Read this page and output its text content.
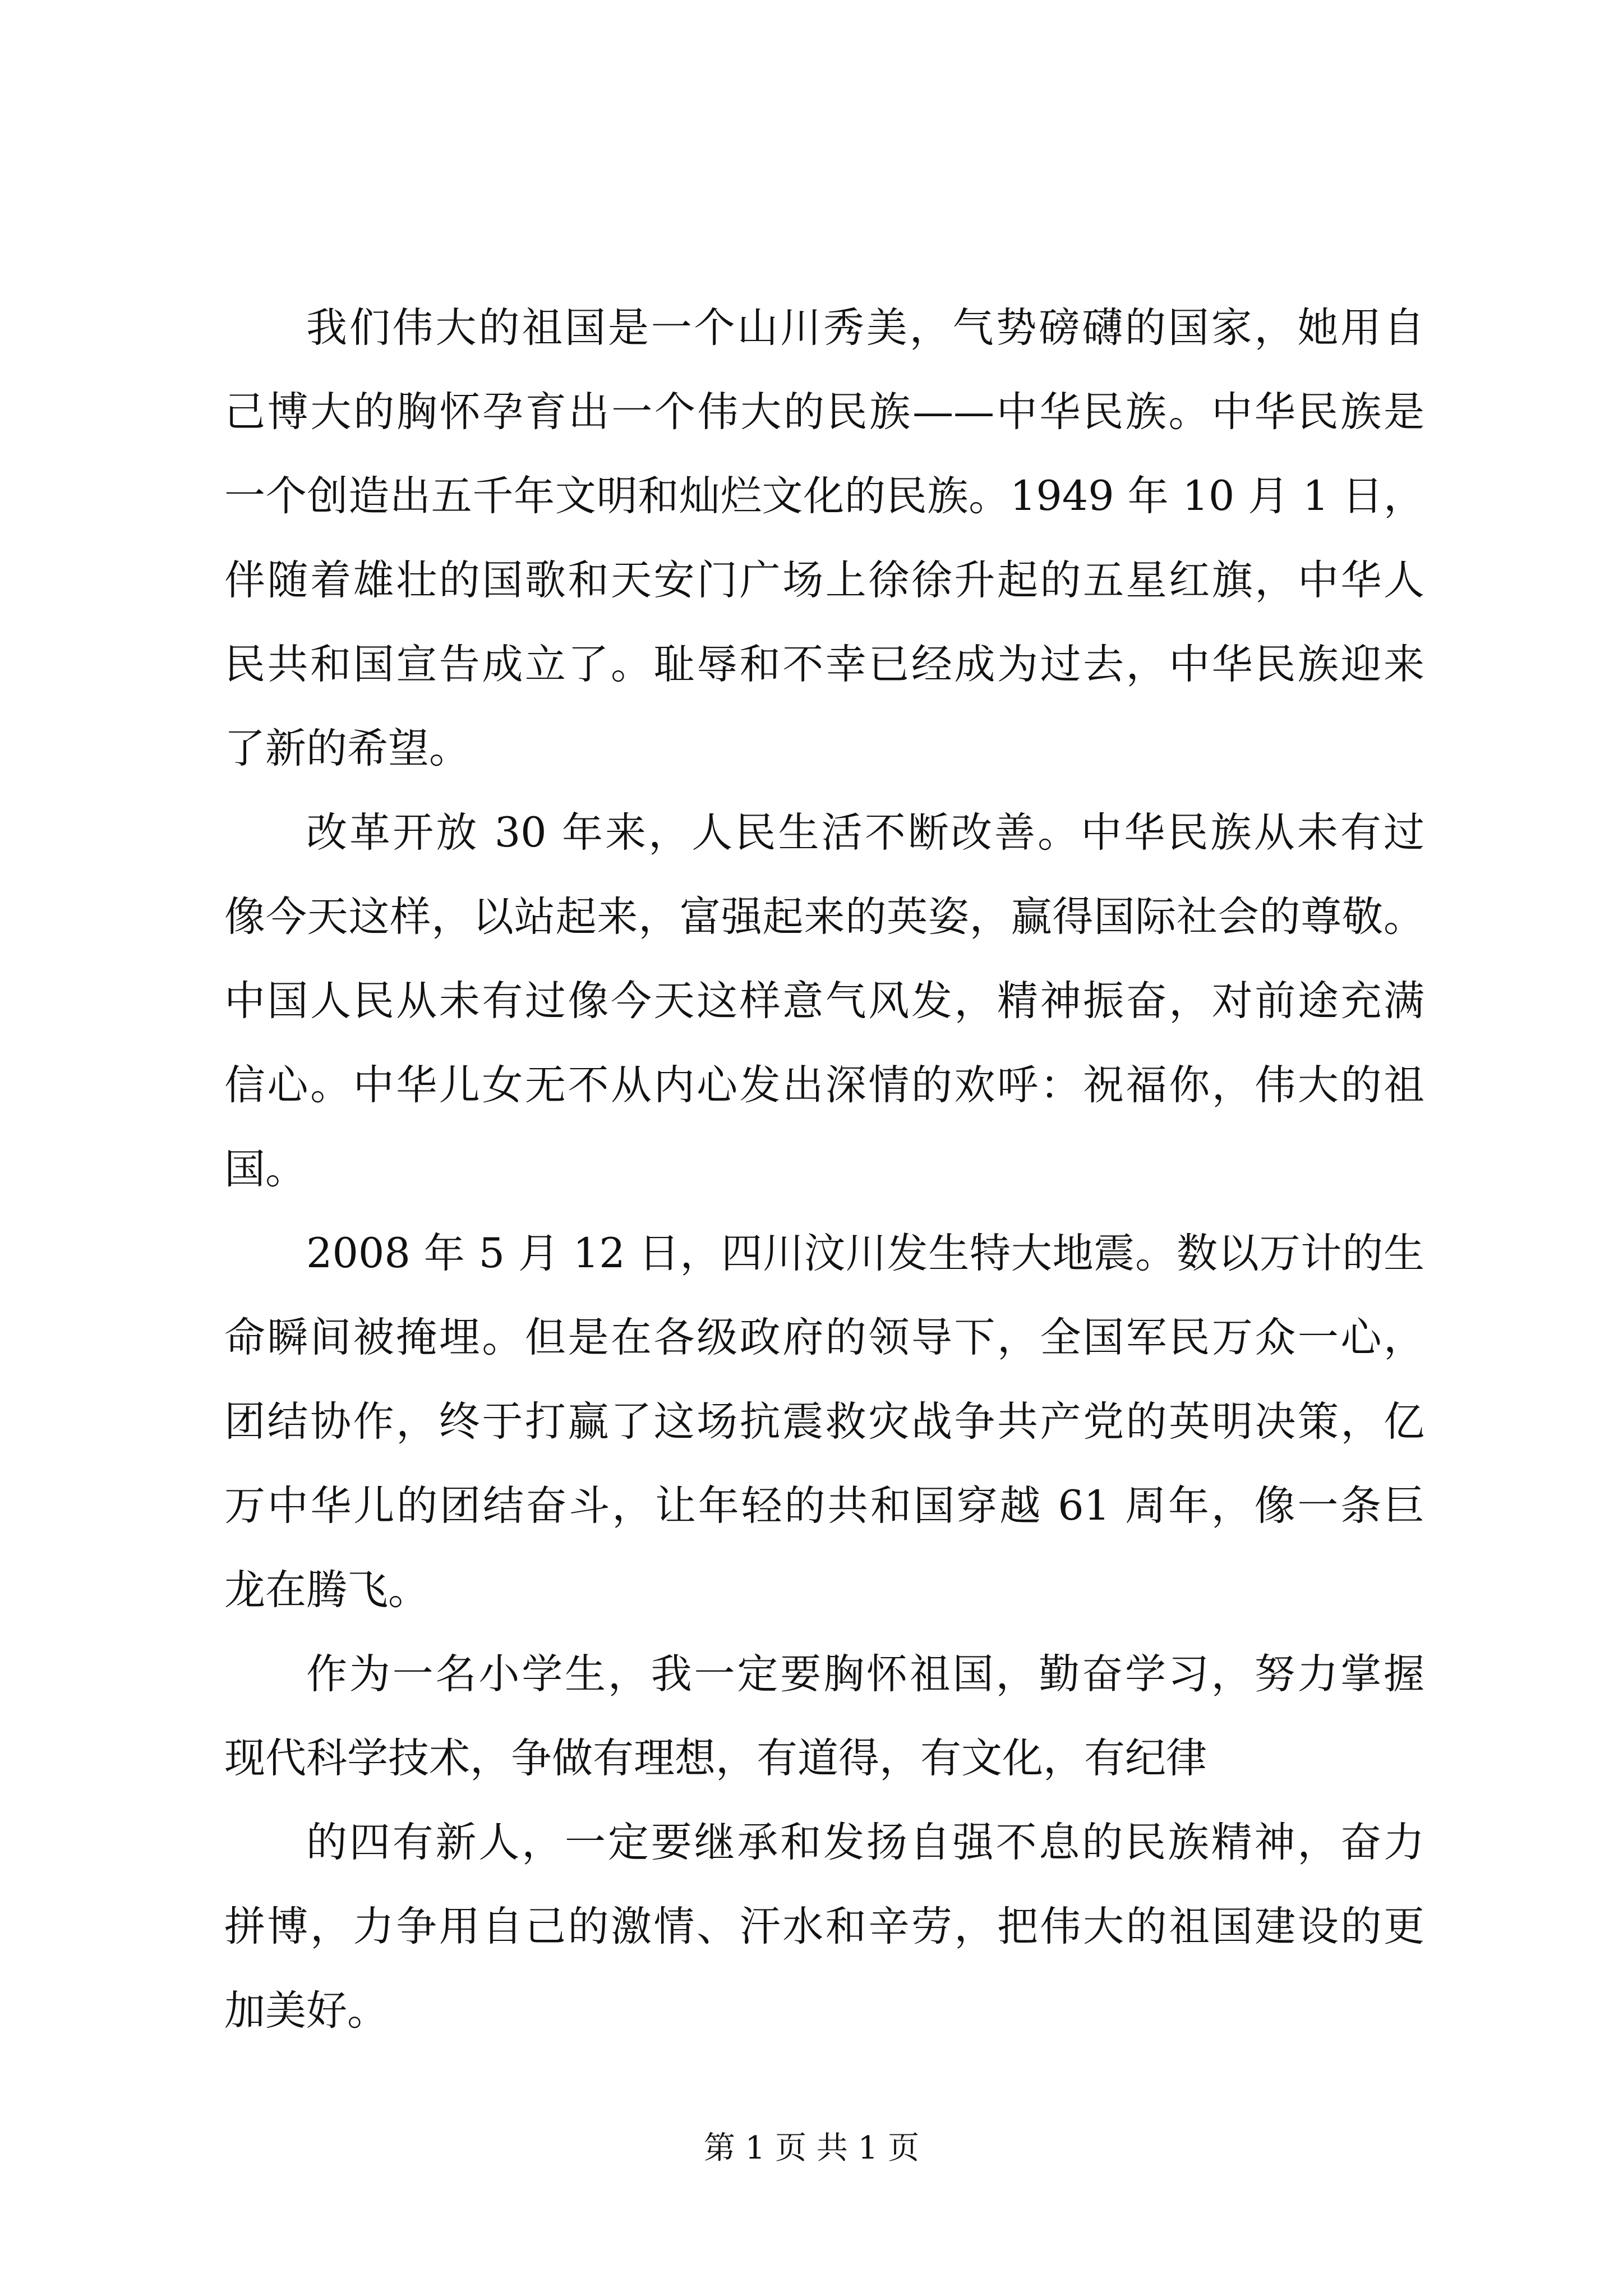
我们伟大的祖国是一个山川秀美，气势磅礴的国家，她用自
己博大的胸怀孕育出一个伟大的民族——中华民族。中华民族是
一个创造出五千年文明和灿烂文化的民族。1949 年 10 月 1 日，
伴随着雄壮的国歌和天安门广场上徐徐升起的五星红旗，中华人
民共和国宣告成立了。耻辱和不幸已经成为过去，中华民族迎来
了新的希望。
改革开放 30 年来，人民生活不断改善。中华民族从未有过
像今天这样，以站起来，富强起来的英姿，赢得国际社会的尊敬。
中国人民从未有过像今天这样意气风发，精神振奋，对前途充满
信心。中华儿女无不从内心发出深情的欢呼：祝福你，伟大的祖
国。
2008 年 5 月 12 日，四川汶川发生特大地震。数以万计的生
命瞬间被掩埋。但是在各级政府的领导下，全国军民万众一心，
团结协作，终于打赢了这场抗震救灾战争共产党的英明决策，亿
万中华儿的团结奋斗，让年轻的共和国穿越 61 周年，像一条巨
龙在腾飞。
作为一名小学生，我一定要胸怀祖国，勤奋学习，努力掌握
现代科学技术，争做有理想，有道得，有文化，有纪律
的四有新人，一定要继承和发扬自强不息的民族精神，奋力
拼博，力争用自己的激情、汗水和辛劳，把伟大的祖国建设的更
加美好。
第 1 页 共 1 页
